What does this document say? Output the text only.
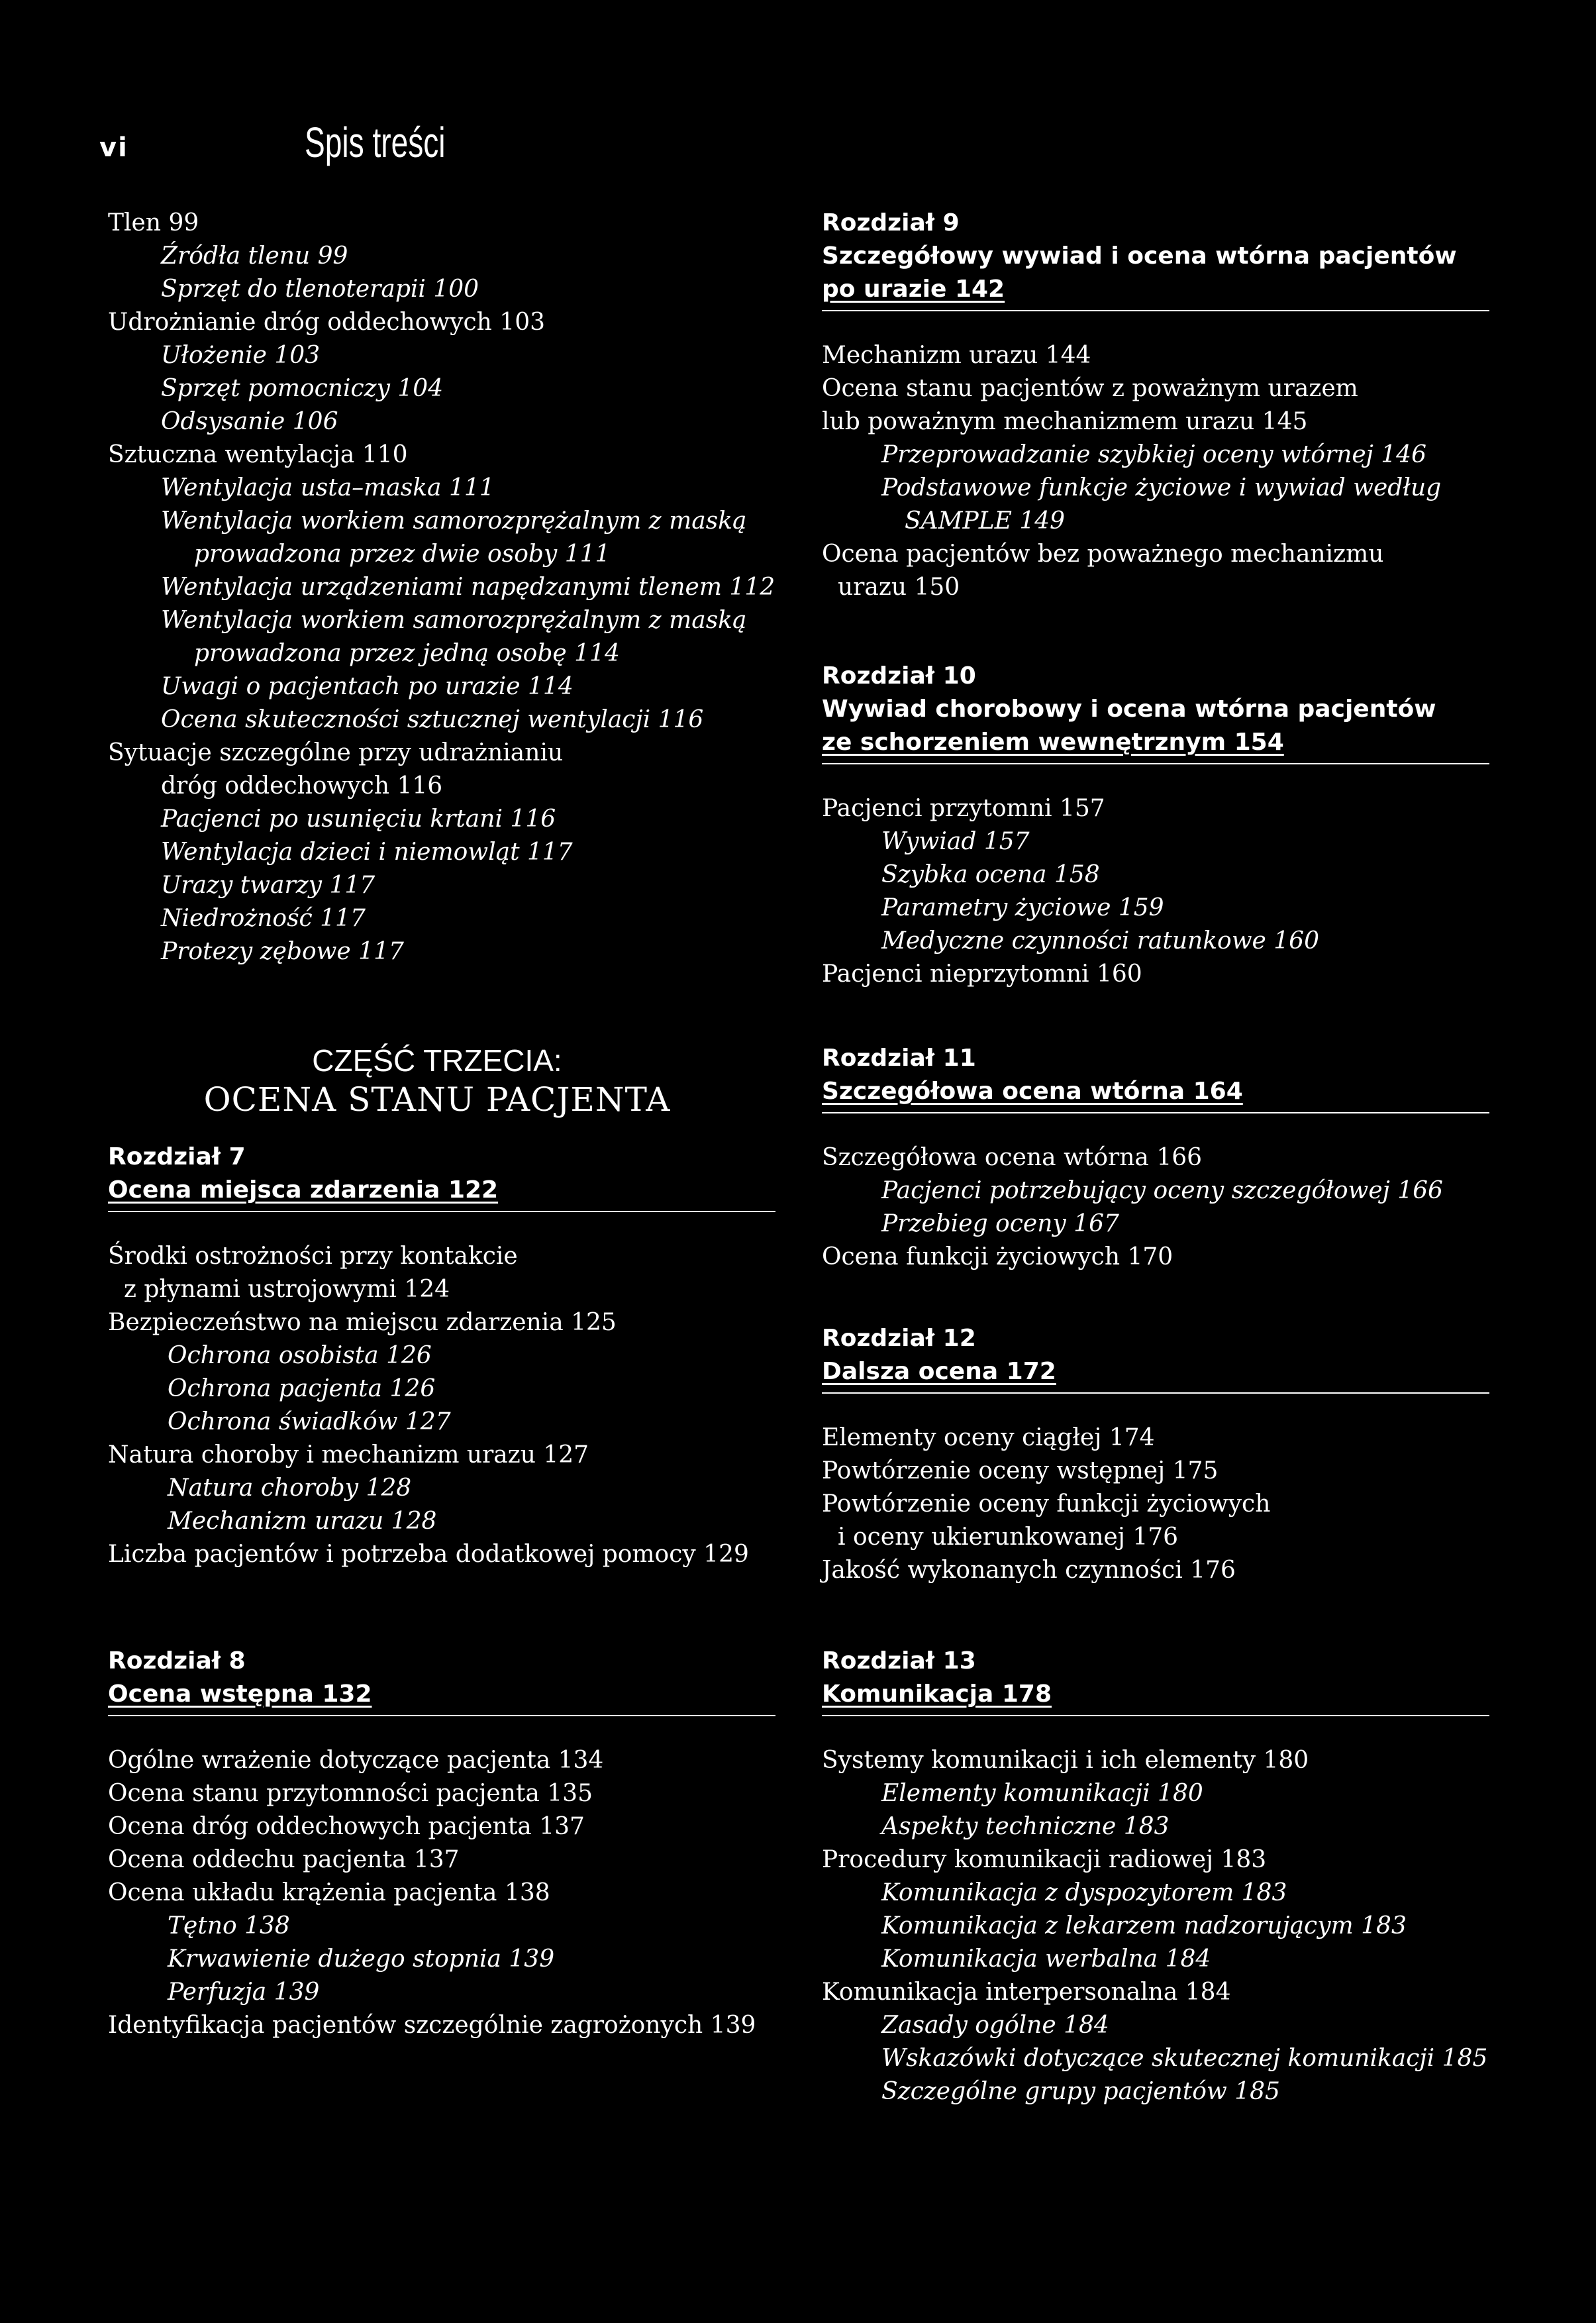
vi	Spis treści
Tlen 99
Źródła tlenu 99
Sprzęt do tlenoterapii 100
Udrożnianie dróg oddechowych 103
Ułożenie 103
Sprzęt pomocniczy 104
Odsysanie 106
Sztuczna wentylacja 110
Wentylacja usta–maska 111
Wentylacja workiem samorozprężalnym z maską
prowadzona przez dwie osoby 111
Wentylacja urządzeniami napędzanymi tlenem 112
Wentylacja workiem samorozprężalnym z maską
prowadzona przez jedną osobę 114
Uwagi o pacjentach po urazie 114
Ocena skuteczności sztucznej wentylacji 116
Sytuacje szczególne przy udrażnianiu
dróg oddechowych 116
Pacjenci po usunięciu krtani 116
Wentylacja dzieci i niemowląt 117
Urazy twarzy 117
Niedrożność 117
Protezy zębowe 117
CZĘŚĆ TRZECIA:
OCENA STANU PACJENTA
Rozdział 7
Ocena miejsca zdarzenia 122
Środki ostrożności przy kontakcie
z płynami ustrojowymi 124
Bezpieczeństwo na miejscu zdarzenia 125
Ochrona osobista 126
Ochrona pacjenta 126
Ochrona świadków 127
Natura choroby i mechanizm urazu 127
Natura choroby 128
Mechanizm urazu 128
Liczba pacjentów i potrzeba dodatkowej pomocy 129
Rozdział 8
Ocena wstępna 132
Ogólne wrażenie dotyczące pacjenta 134
Ocena stanu przytomności pacjenta 135
Ocena dróg oddechowych pacjenta 137
Ocena oddechu pacjenta 137
Ocena układu krążenia pacjenta 138
Tętno 138
Krwawienie dużego stopnia 139
Perfuzja 139
Identyfikacja pacjentów szczególnie zagrożonych 139
Rozdział 9
Szczegółowy wywiad i ocena wtórna pacjentów
po urazie 142
Mechanizm urazu 144
Ocena stanu pacjentów z poważnym urazem
lub poważnym mechanizmem urazu 145
Przeprowadzanie szybkiej oceny wtórnej 146
Podstawowe funkcje życiowe i wywiad według
SAMPLE 149
Ocena pacjentów bez poważnego mechanizmu
urazu 150
Rozdział 10
Wywiad chorobowy i ocena wtórna pacjentów
ze schorzeniem wewnętrznym 154
Pacjenci przytomni 157
Wywiad 157
Szybka ocena 158
Parametry życiowe 159
Medyczne czynności ratunkowe 160
Pacjenci nieprzytomni 160
Rozdział 11
Szczegółowa ocena wtórna 164
Szczegółowa ocena wtórna 166
Pacjenci potrzebujący oceny szczegółowej 166
Przebieg oceny 167
Ocena funkcji życiowych 170
Rozdział 12
Dalsza ocena 172
Elementy oceny ciągłej 174
Powtórzenie oceny wstępnej 175
Powtórzenie oceny funkcji życiowych
i oceny ukierunkowanej 176
Jakość wykonanych czynności 176
Rozdział 13
Komunikacja 178
Systemy komunikacji i ich elementy 180
Elementy komunikacji 180
Aspekty techniczne 183
Procedury komunikacji radiowej 183
Komunikacja z dyspozytorem 183
Komunikacja z lekarzem nadzorującym 183
Komunikacja werbalna 184
Komunikacja interpersonalna 184
Zasady ogólne 184
Wskazówki dotyczące skutecznej komunikacji 185
Szczególne grupy pacjentów 185
